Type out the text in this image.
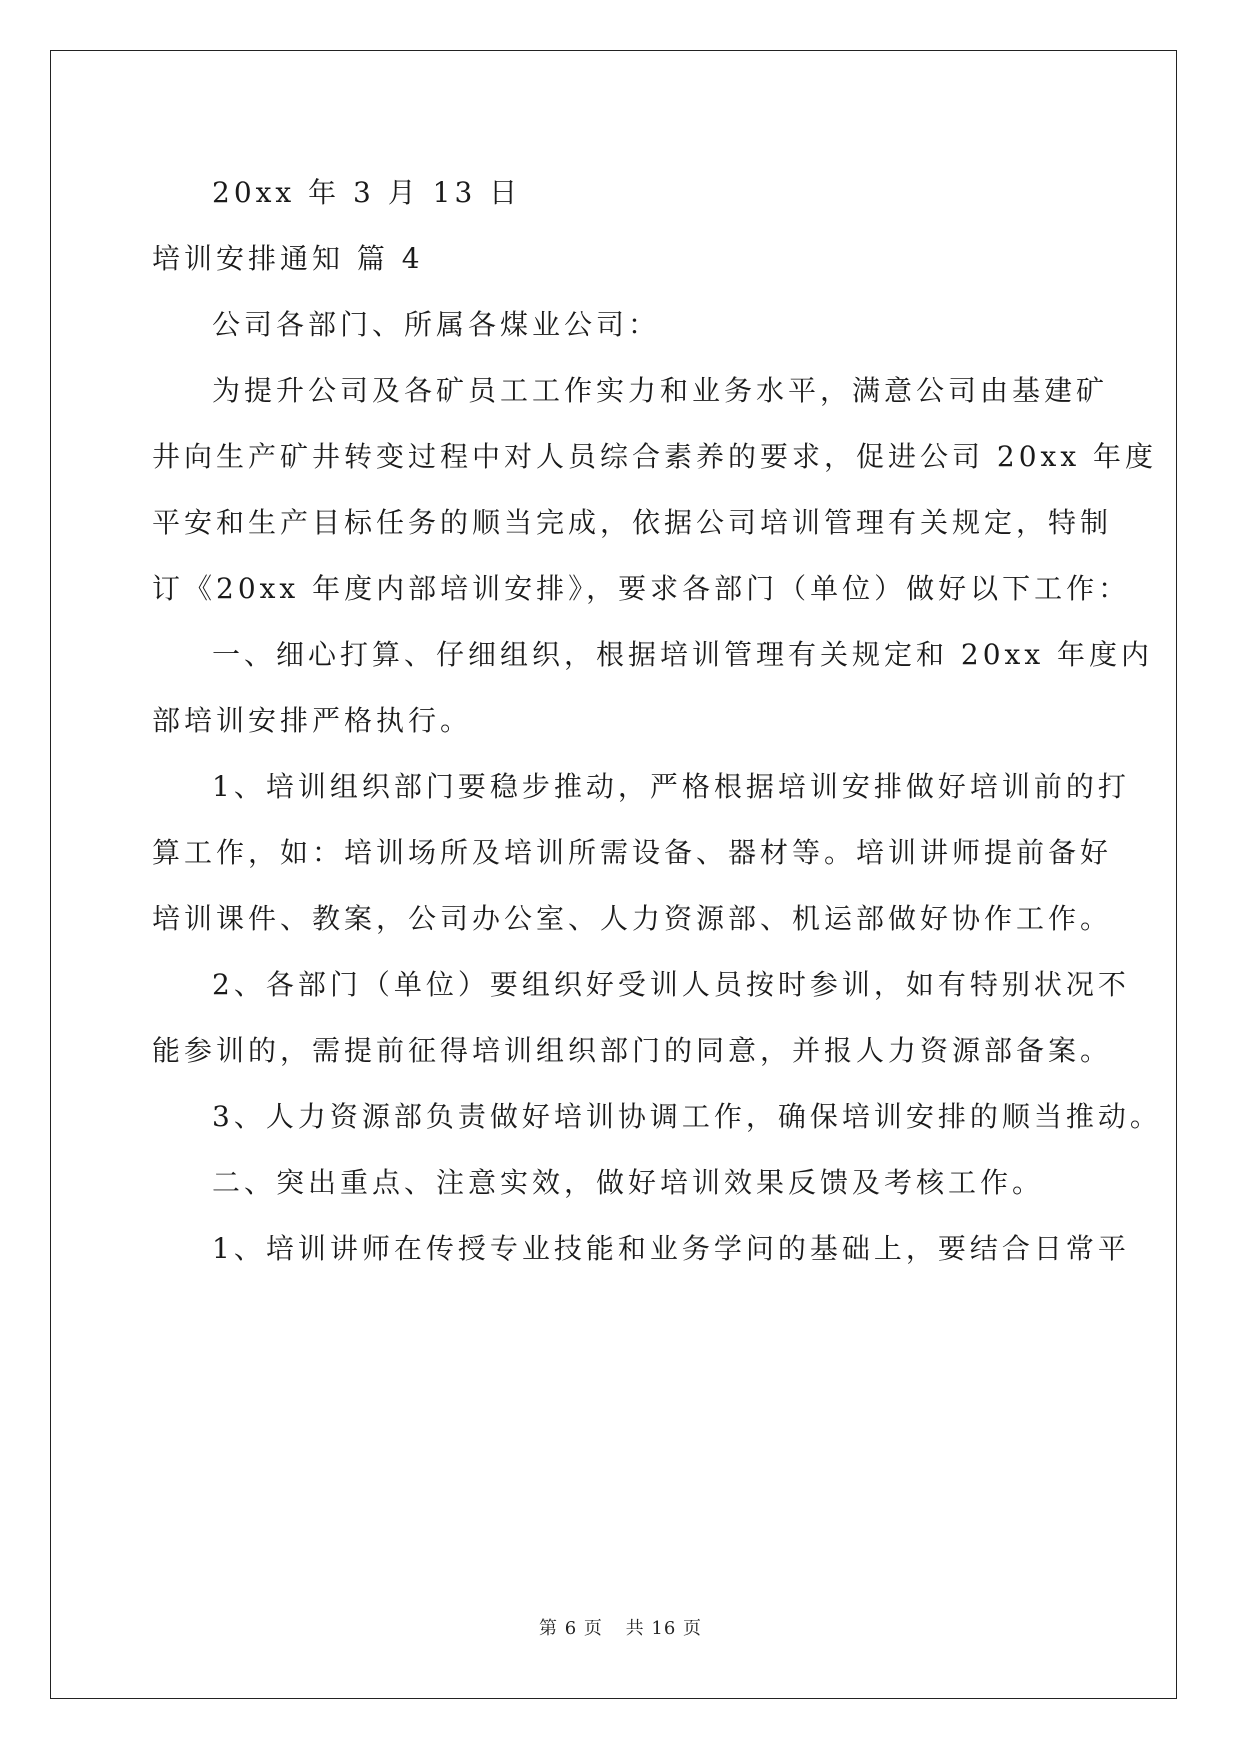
20xx 年 3 月 13 日

培训安排通知 篇 4

公司各部门、所属各煤业公司：

为提升公司及各矿员工工作实力和业务水平，满意公司由基建矿

井向生产矿井转变过程中对人员综合素养的要求，促进公司 20xx 年度

平安和生产目标任务的顺当完成，依据公司培训管理有关规定，特制

订《20xx 年度内部培训安排》，要求各部门（单位）做好以下工作：

一、细心打算、仔细组织，根据培训管理有关规定和 20xx 年度内

部培训安排严格执行。

1、培训组织部门要稳步推动，严格根据培训安排做好培训前的打

算工作，如：培训场所及培训所需设备、器材等。培训讲师提前备好

培训课件、教案，公司办公室、人力资源部、机运部做好协作工作。

2、各部门（单位）要组织好受训人员按时参训，如有特别状况不

能参训的，需提前征得培训组织部门的同意，并报人力资源部备案。

3、人力资源部负责做好培训协调工作，确保培训安排的顺当推动。

二、突出重点、注意实效，做好培训效果反馈及考核工作。

1、培训讲师在传授专业技能和业务学问的基础上，要结合日常平

第 6 页 共 16 页
